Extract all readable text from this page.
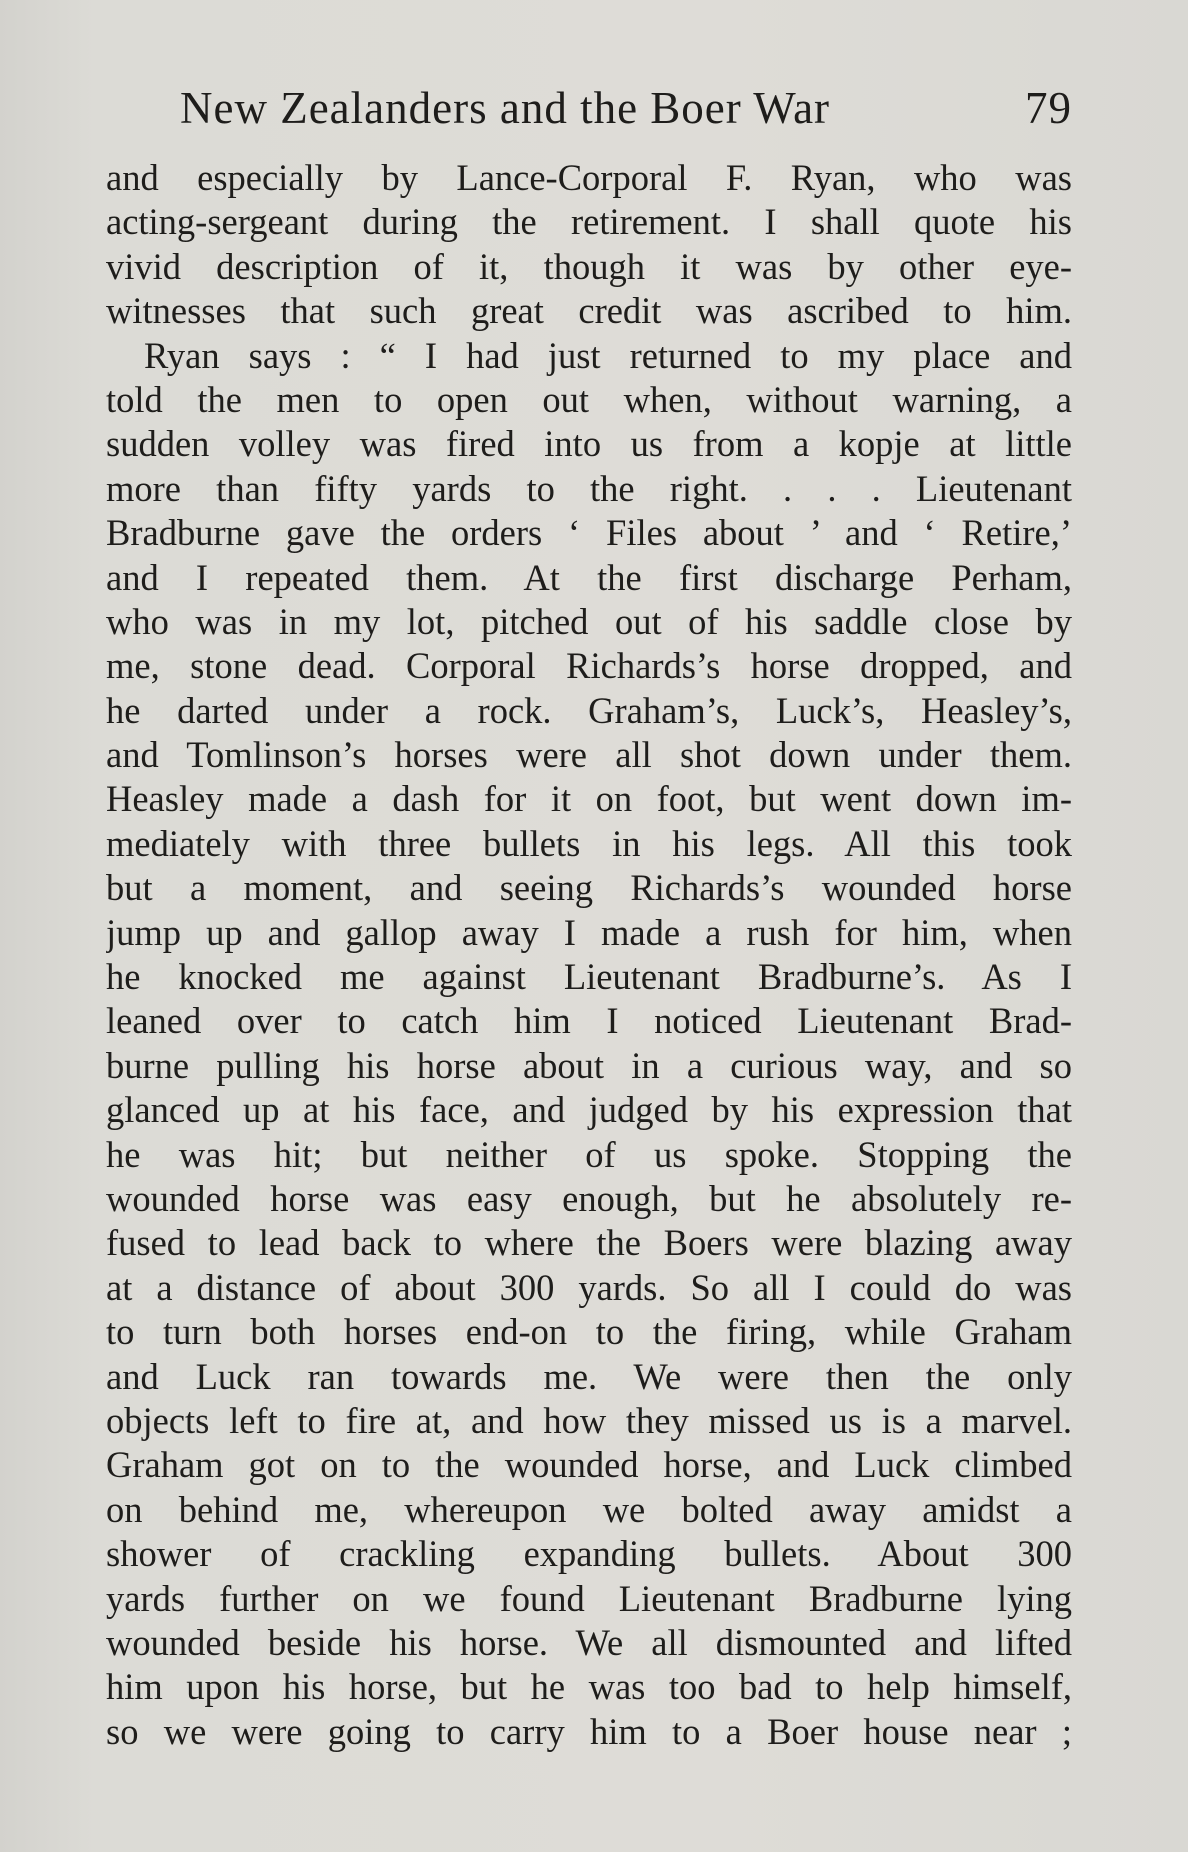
New Zealanders and the Boer War	79
and especially by Lance-Corporal F. Ryan, who was
acting-sergeant during the retirement. I shall quote his
vivid description of it, though it was by other eye-
witnesses that such great credit was ascribed to him.
Ryan says : “ I had just returned to my place and
told the men to open out when, without warning, a
sudden volley was fired into us from a kopje at little
more than fifty yards to the right. . . . Lieutenant
Bradburne gave the orders ‘ Files about ’ and ‘ Retire,’
and I repeated them. At the first discharge Perham,
who was in my lot, pitched out of his saddle close by
me, stone dead. Corporal Richards’s horse dropped, and
he darted under a rock. Graham’s, Luck’s, Heasley’s,
and Tomlinson’s horses were all shot down under them.
Heasley made a dash for it on foot, but went down im-
mediately with three bullets in his legs. All this took
but a moment, and seeing Richards’s wounded horse
jump up and gallop away I made a rush for him, when
he knocked me against Lieutenant Bradburne’s. As I
leaned over to catch him I noticed Lieutenant Brad-
burne pulling his horse about in a curious way, and so
glanced up at his face, and judged by his expression that
he was hit; but neither of us spoke. Stopping the
wounded horse was easy enough, but he absolutely re-
fused to lead back to where the Boers were blazing away
at a distance of about 300 yards. So all I could do was
to turn both horses end-on to the firing, while Graham
and Luck ran towards me. We were then the only
objects left to fire at, and how they missed us is a marvel.
Graham got on to the wounded horse, and Luck climbed
on behind me, whereupon we bolted away amidst a
shower of crackling expanding bullets. About 300
yards further on we found Lieutenant Bradburne lying
wounded beside his horse. We all dismounted and lifted
him upon his horse, but he was too bad to help himself,
so we were going to carry him to a Boer house near ;
